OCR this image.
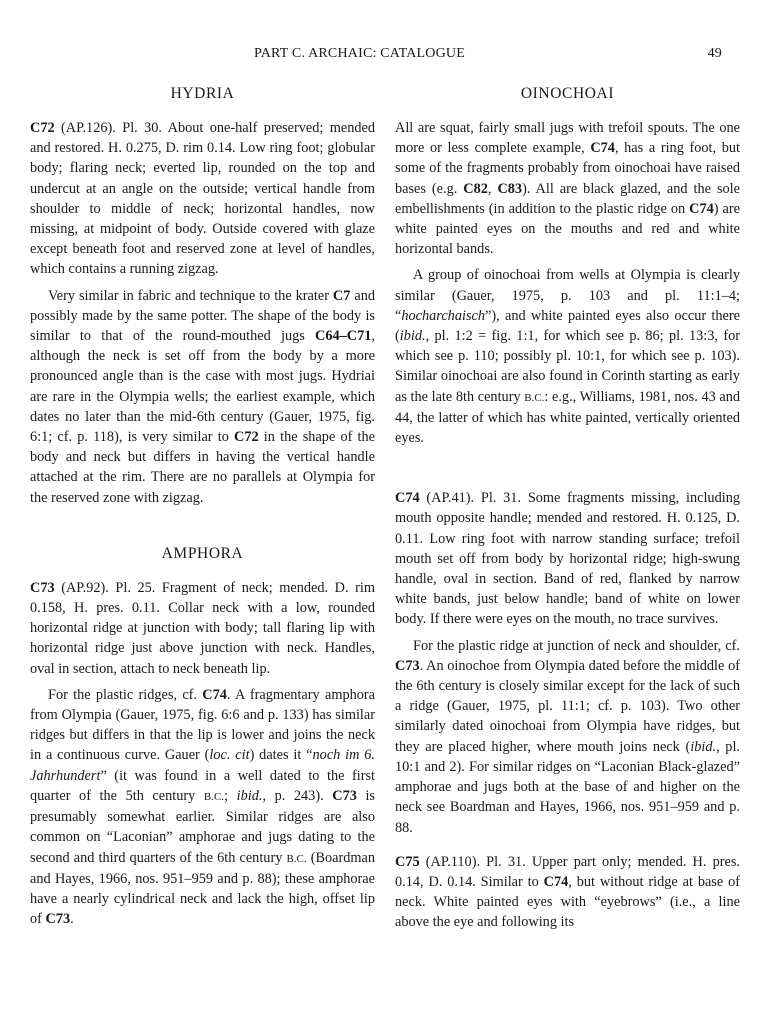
PART C. ARCHAIC: CATALOGUE	49
HYDRIA

C72 (AP.126). Pl. 30. About one-half preserved; mended and restored. H. 0.275, D. rim 0.14. Low ring foot; globular body; flaring neck; everted lip, rounded on the top and undercut at an angle on the outside; vertical handle from shoulder to middle of neck; horizontal handles, now missing, at midpoint of body. Outside covered with glaze except beneath foot and reserved zone at level of handles, which contains a running zigzag.

Very similar in fabric and technique to the krater C7 and possibly made by the same potter. The shape of the body is similar to that of the round-mouthed jugs C64–C71, although the neck is set off from the body by a more pronounced angle than is the case with most jugs. Hydriai are rare in the Olympia wells; the earliest example, which dates no later than the mid-6th century (Gauer, 1975, fig. 6:1; cf. p. 118), is very similar to C72 in the shape of the body and neck but differs in having the vertical handle attached at the rim. There are no parallels at Olympia for the reserved zone with zigzag.

AMPHORA

C73 (AP.92). Pl. 25. Fragment of neck; mended. D. rim 0.158, H. pres. 0.11. Collar neck with a low, rounded horizontal ridge at junction with body; tall flaring lip with horizontal ridge just above junction with neck. Handles, oval in section, attach to neck beneath lip.

For the plastic ridges, cf. C74. A fragmentary amphora from Olympia (Gauer, 1975, fig. 6:6 and p. 133) has similar ridges but differs in that the lip is lower and joins the neck in a continuous curve. Gauer (loc. cit) dates it “noch im 6. Jahrhundert” (it was found in a well dated to the first quarter of the 5th century B.C.; ibid., p. 243). C73 is presumably somewhat earlier. Similar ridges are also common on “Laconian” amphorae and jugs dating to the second and third quarters of the 6th century B.C. (Boardman and Hayes, 1966, nos. 951–959 and p. 88); these amphorae have a nearly cylindrical neck and lack the high, offset lip of C73.

OINOCHOAI

All are squat, fairly small jugs with trefoil spouts. The one more or less complete example, C74, has a ring foot, but some of the fragments probably from oinochoai have raised bases (e.g. C82, C83). All are black glazed, and the sole embellishments (in addition to the plastic ridge on C74) are white painted eyes on the mouths and red and white horizontal bands.

A group of oinochoai from wells at Olympia is clearly similar (Gauer, 1975, p. 103 and pl. 11:1–4; “hocharchaisch”), and white painted eyes also occur there (ibid., pl. 1:2 = fig. 1:1, for which see p. 86; pl. 13:3, for which see p. 110; possibly pl. 10:1, for which see p. 103). Similar oinochoai are also found in Corinth starting as early as the late 8th century B.C.: e.g., Williams, 1981, nos. 43 and 44, the latter of which has white painted, vertically oriented eyes.

C74 (AP.41). Pl. 31. Some fragments missing, including mouth opposite handle; mended and restored. H. 0.125, D. 0.11. Low ring foot with narrow standing surface; trefoil mouth set off from body by horizontal ridge; high-swung handle, oval in section. Band of red, flanked by narrow white bands, just below handle; band of white on lower body. If there were eyes on the mouth, no trace survives.

For the plastic ridge at junction of neck and shoulder, cf. C73. An oinochoe from Olympia dated before the middle of the 6th century is closely similar except for the lack of such a ridge (Gauer, 1975, pl. 11:1; cf. p. 103). Two other similarly dated oinochoai from Olympia have ridges, but they are placed higher, where mouth joins neck (ibid., pl. 10:1 and 2). For similar ridges on “Laconian Black-glazed” amphorae and jugs both at the base of and higher on the neck see Boardman and Hayes, 1966, nos. 951–959 and p. 88.

C75 (AP.110). Pl. 31. Upper part only; mended. H. pres. 0.14, D. 0.14. Similar to C74, but without ridge at base of neck. White painted eyes with “eyebrows” (i.e., a line above the eye and following its
